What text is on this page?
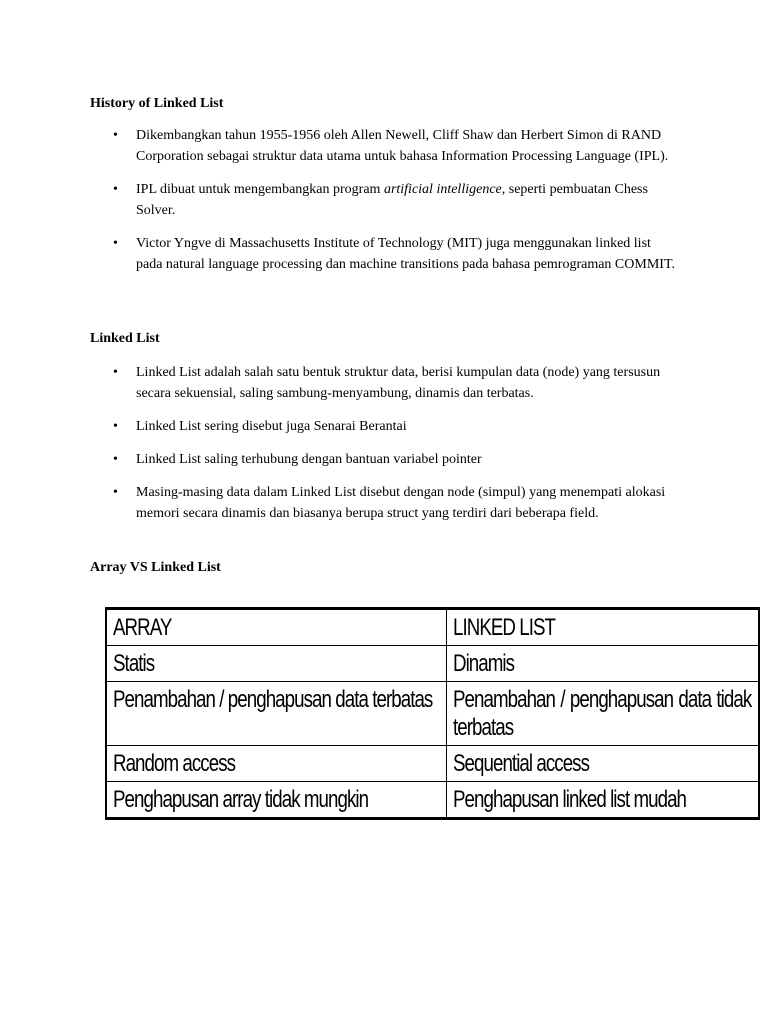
History of Linked List
• Dikembangkan tahun 1955-1956 oleh Allen Newell, Cliff Shaw dan Herbert Simon di RAND Corporation sebagai struktur data utama untuk bahasa Information Processing Language (IPL).
• IPL dibuat untuk mengembangkan program artificial intelligence, seperti pembuatan Chess Solver.
• Victor Yngve di Massachusetts Institute of Technology (MIT) juga menggunakan linked list pada natural language processing dan machine transitions pada bahasa pemrograman COMMIT.
Linked List
• Linked List adalah salah satu bentuk struktur data, berisi kumpulan data (node) yang tersusun secara sekuensial, saling sambung-menyambung, dinamis dan terbatas.
• Linked List sering disebut juga Senarai Berantai
• Linked List saling terhubung dengan bantuan variabel pointer
• Masing-masing data dalam Linked List disebut dengan node (simpul) yang menempati alokasi memori secara dinamis dan biasanya berupa struct yang terdiri dari beberapa field.
Array VS Linked List
ARRAY	LINKED LIST
Statis	Dinamis
Penambahan / penghapusan data terbatas	Penambahan / penghapusan data tidak terbatas
Random access	Sequential access
Penghapusan array tidak mungkin	Penghapusan linked list mudah
